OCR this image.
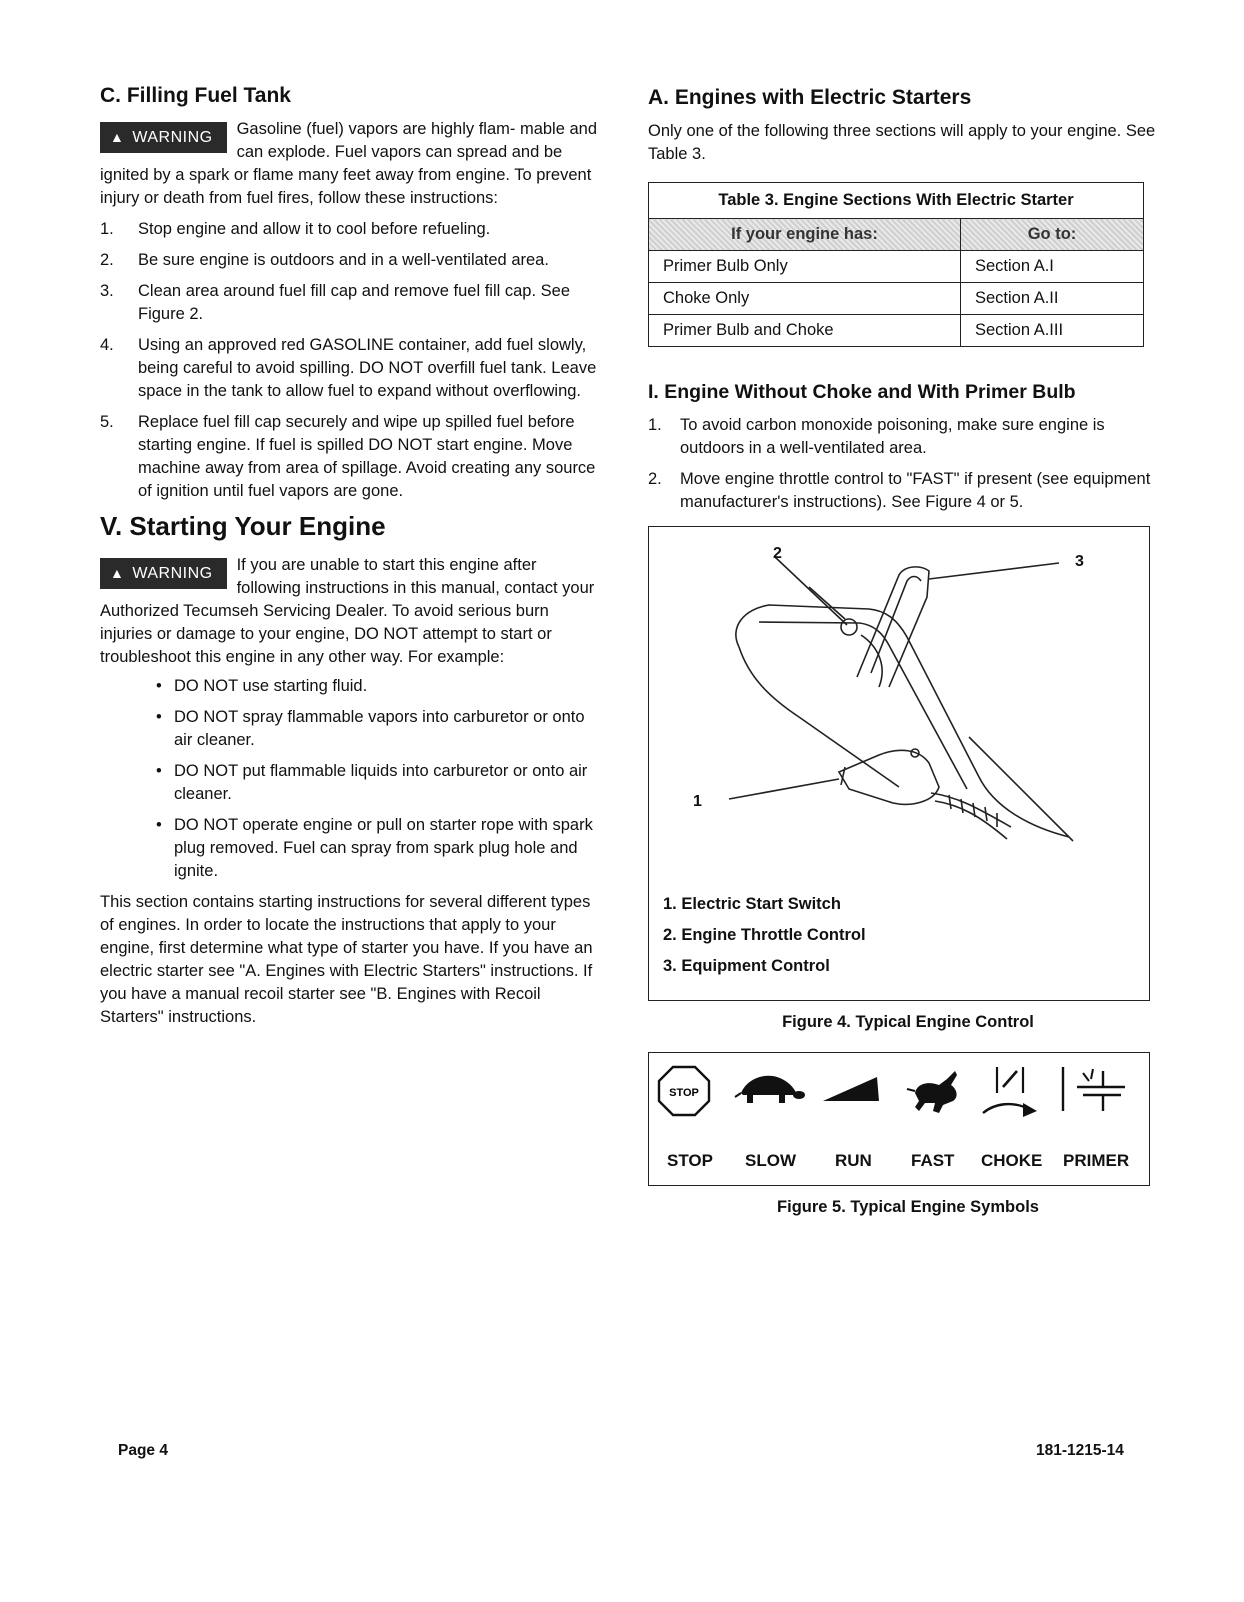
C. Filling Fuel Tank
▲ WARNING	Gasoline (fuel) vapors are highly flam- mable and can explode. Fuel vapors can spread and be ignited by a spark or flame many feet away from engine. To prevent injury or death from fuel fires, follow these instructions:

1. Stop engine and allow it to cool before refueling.
2. Be sure engine is outdoors and in a well-ventilated area.
3. Clean area around fuel fill cap and remove fuel fill cap. See Figure 2.
4. Using an approved red GASOLINE container, add fuel slowly, being careful to avoid spilling. DO NOT overfill fuel tank. Leave space in the tank to allow fuel to expand without overflowing.
5. Replace fuel fill cap securely and wipe up spilled fuel before starting engine. If fuel is spilled DO NOT start engine. Move machine away from area of spillage. Avoid creating any source of ignition until fuel vapors are gone.
V. Starting Your Engine
▲ WARNING	If you are unable to start this engine after following instructions in this manual, contact your Authorized Tecumseh Servicing Dealer. To avoid serious burn injuries or damage to your engine, DO NOT attempt to start or troubleshoot this engine in any other way. For example:

• DO NOT use starting fluid.
• DO NOT spray flammable vapors into carburetor or onto air cleaner.
• DO NOT put flammable liquids into carburetor or onto air cleaner.
• DO NOT operate engine or pull on starter rope with spark plug removed. Fuel can spray from spark plug hole and ignite.

This section contains starting instructions for several different types of engines. In order to locate the instructions that apply to your engine, first determine what type of starter you have. If you have an electric starter see "A. Engines with Electric Starters" instructions. If you have a manual recoil starter see "B. Engines with Recoil Starters" instructions.

A. Engines with Electric Starters

Only one of the following three sections will apply to your engine. See Table 3.

Table 3. Engine Sections With Electric Starter	
If your engine has:	Go to:
Primer Bulb Only	Section A.I
Choke Only	Section A.II
Primer Bulb and Choke	Section A.III
I. Engine Without Choke and With Primer Bulb
1. To avoid carbon monoxide poisoning, make sure engine is outdoors in a well-ventilated area.
2. Move engine throttle control to "FAST" if present (see equipment manufacturer's instructions). See Figure 4 or 5.
1
2	3
1. Electric Start Switch
2. Engine Throttle Control
3. Equipment Control
Figure 4. Typical Engine Control
STOP
STOP SLOW RUN FAST CHOKE PRIMER
Figure 5. Typical Engine Symbols
Page 4	181-1215-14
